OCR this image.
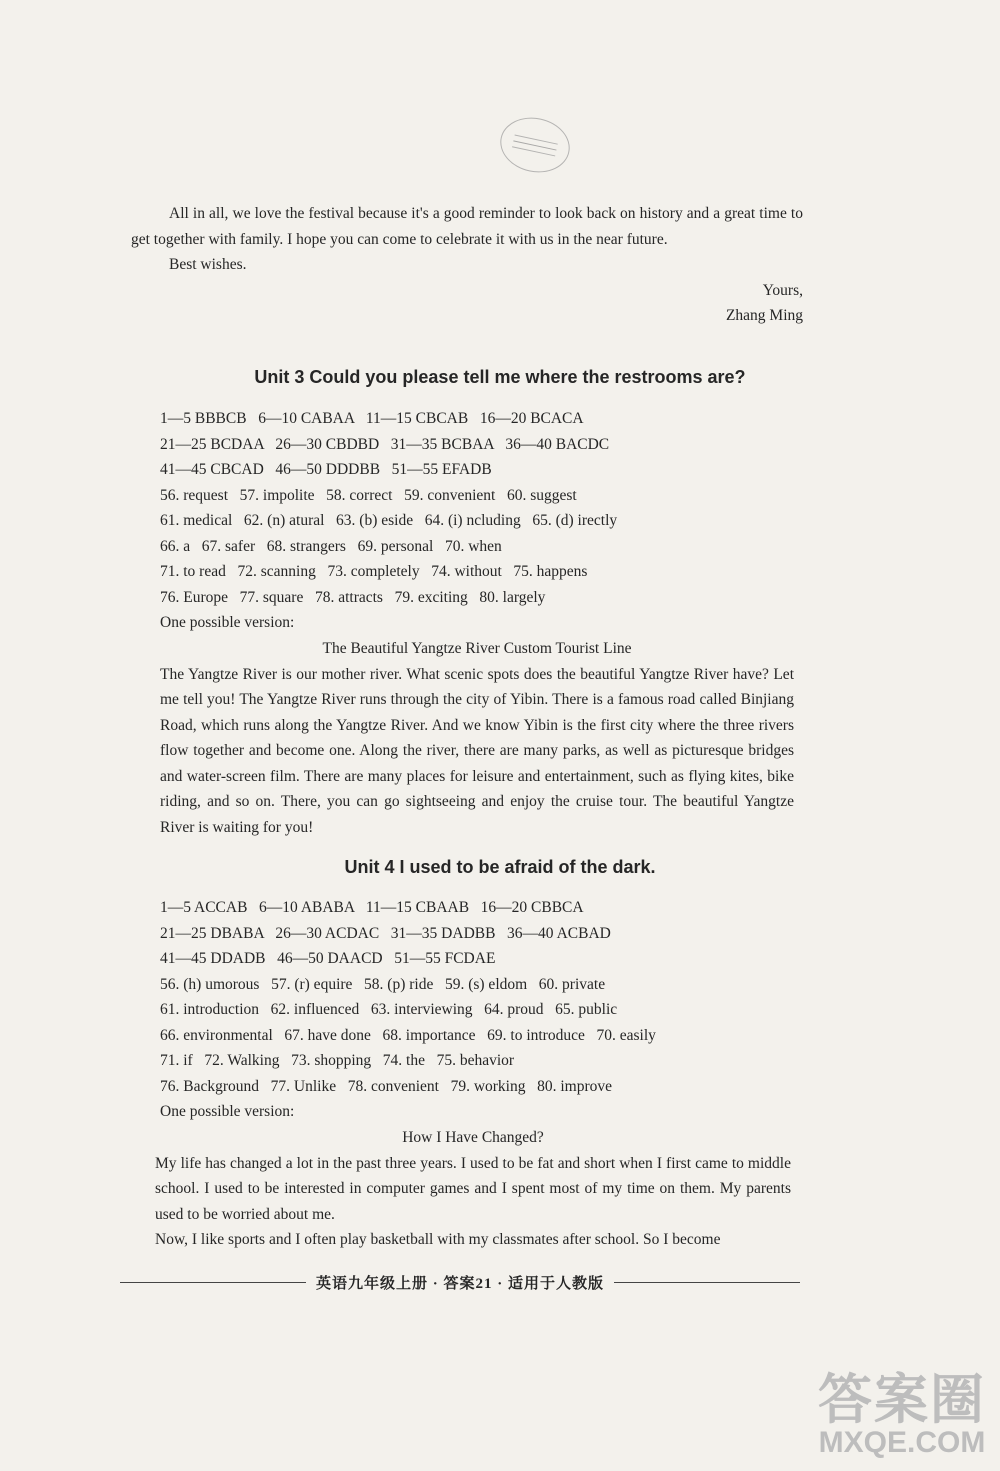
All in all, we love the festival because it's a good reminder to look back on history and a great time to get together with family. I hope you can come to celebrate it with us in the near future.

Best wishes.

Yours,
Zhang Ming
Unit 3 Could you please tell me where the restrooms are?
1—5 BBBCB   6—10 CABAA   11—15 CBCAB   16—20 BCACA
21—25 BCDAA   26—30 CBDBD   31—35 BCBAA   36—40 BACDC
41—45 CBCAD   46—50 DDDBB   51—55 EFADB
56. request   57. impolite   58. correct   59. convenient   60. suggest
61. medical   62. (n) atural   63. (b) eside   64. (i) ncluding   65. (d) irectly
66. a   67. safer   68. strangers   69. personal   70. when
71. to read   72. scanning   73. completely   74. without   75. happens
76. Europe   77. square   78. attracts   79. exciting   80. largely
One possible version:
The Beautiful Yangtze River Custom Tourist Line

The Yangtze River is our mother river. What scenic spots does the beautiful Yangtze River have? Let me tell you! The Yangtze River runs through the city of Yibin. There is a famous road called Binjiang Road, which runs along the Yangtze River. And we know Yibin is the first city where the three rivers flow together and become one. Along the river, there are many parks, as well as picturesque bridges and water-screen film. There are many places for leisure and entertainment, such as flying kites, bike riding, and so on. There, you can go sightseeing and enjoy the cruise tour. The beautiful Yangtze River is waiting for you!

Unit 4 I used to be afraid of the dark.
1—5 ACCAB   6—10 ABABA   11—15 CBAAB   16—20 CBBCA
21—25 DBABA   26—30 ACDAC   31—35 DADBB   36—40 ACBAD
41—45 DDADB   46—50 DAACD   51—55 FCDAE
56. (h) umorous   57. (r) equire   58. (p) ride   59. (s) eldom   60. private
61. introduction   62. influenced   63. interviewing   64. proud   65. public
66. environmental   67. have done   68. importance   69. to introduce   70. easily
71. if   72. Walking   73. shopping   74. the   75. behavior
76. Background   77. Unlike   78. convenient   79. working   80. improve
One possible version:
How I Have Changed?

My life has changed a lot in the past three years. I used to be fat and short when I first came to middle school. I used to be interested in computer games and I spent most of my time on them. My parents used to be worried about me.

Now, I like sports and I often play basketball with my classmates after school. So I become

英语九年级上册 · 答案21 · 适用于人教版
答案圈
MXQE.COM
